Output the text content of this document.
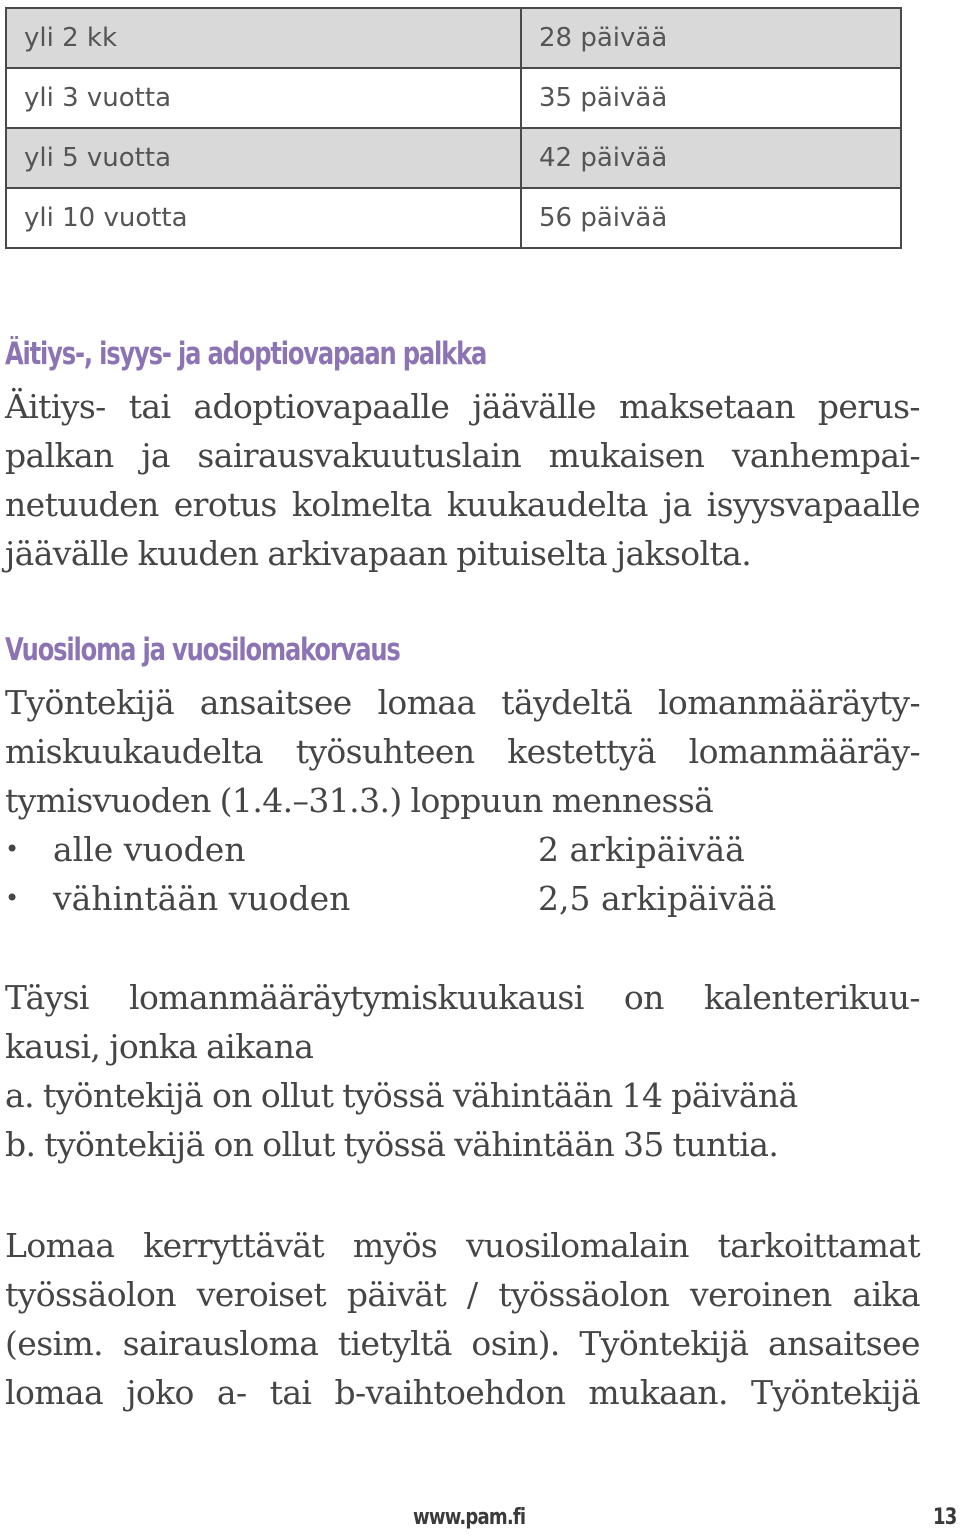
yli 2 kk	28 päivää
yli 3 vuotta	35 päivää
yli 5 vuotta	42 päivää
yli 10 vuotta	56 päivää
Äitiys-, isyys- ja adoptiovapaan palkka
Äitiys- tai adoptiovapaalle jäävälle maksetaan perus-
palkan ja sairausvakuutuslain mukaisen vanhempai-
netuuden erotus kolmelta kuukaudelta ja isyysvapaalle
jäävälle kuuden arkivapaan pituiselta jaksolta.
Vuosiloma ja vuosilomakorvaus
Työntekijä ansaitsee lomaa täydeltä lomanmääräyty-
miskuukaudelta työsuhteen kestettyä lomanmääräy-
tymisvuoden (1.4.–31.3.) loppuun mennessä
• alle vuoden	2 arkipäivää
• vähintään vuoden	2,5 arkipäivää
Täysi lomanmääräytymiskuukausi on kalenterikuu-
kausi, jonka aikana
a. työntekijä on ollut työssä vähintään 14 päivänä
b. työntekijä on ollut työssä vähintään 35 tuntia.
Lomaa kerryttävät myös vuosilomalain tarkoittamat
työssäolon veroiset päivät / työssäolon veroinen aika
(esim. sairausloma tietyltä osin). Työntekijä ansaitsee
lomaa joko a- tai b-vaihtoehdon mukaan. Työntekijä
www.pam.fi	13
